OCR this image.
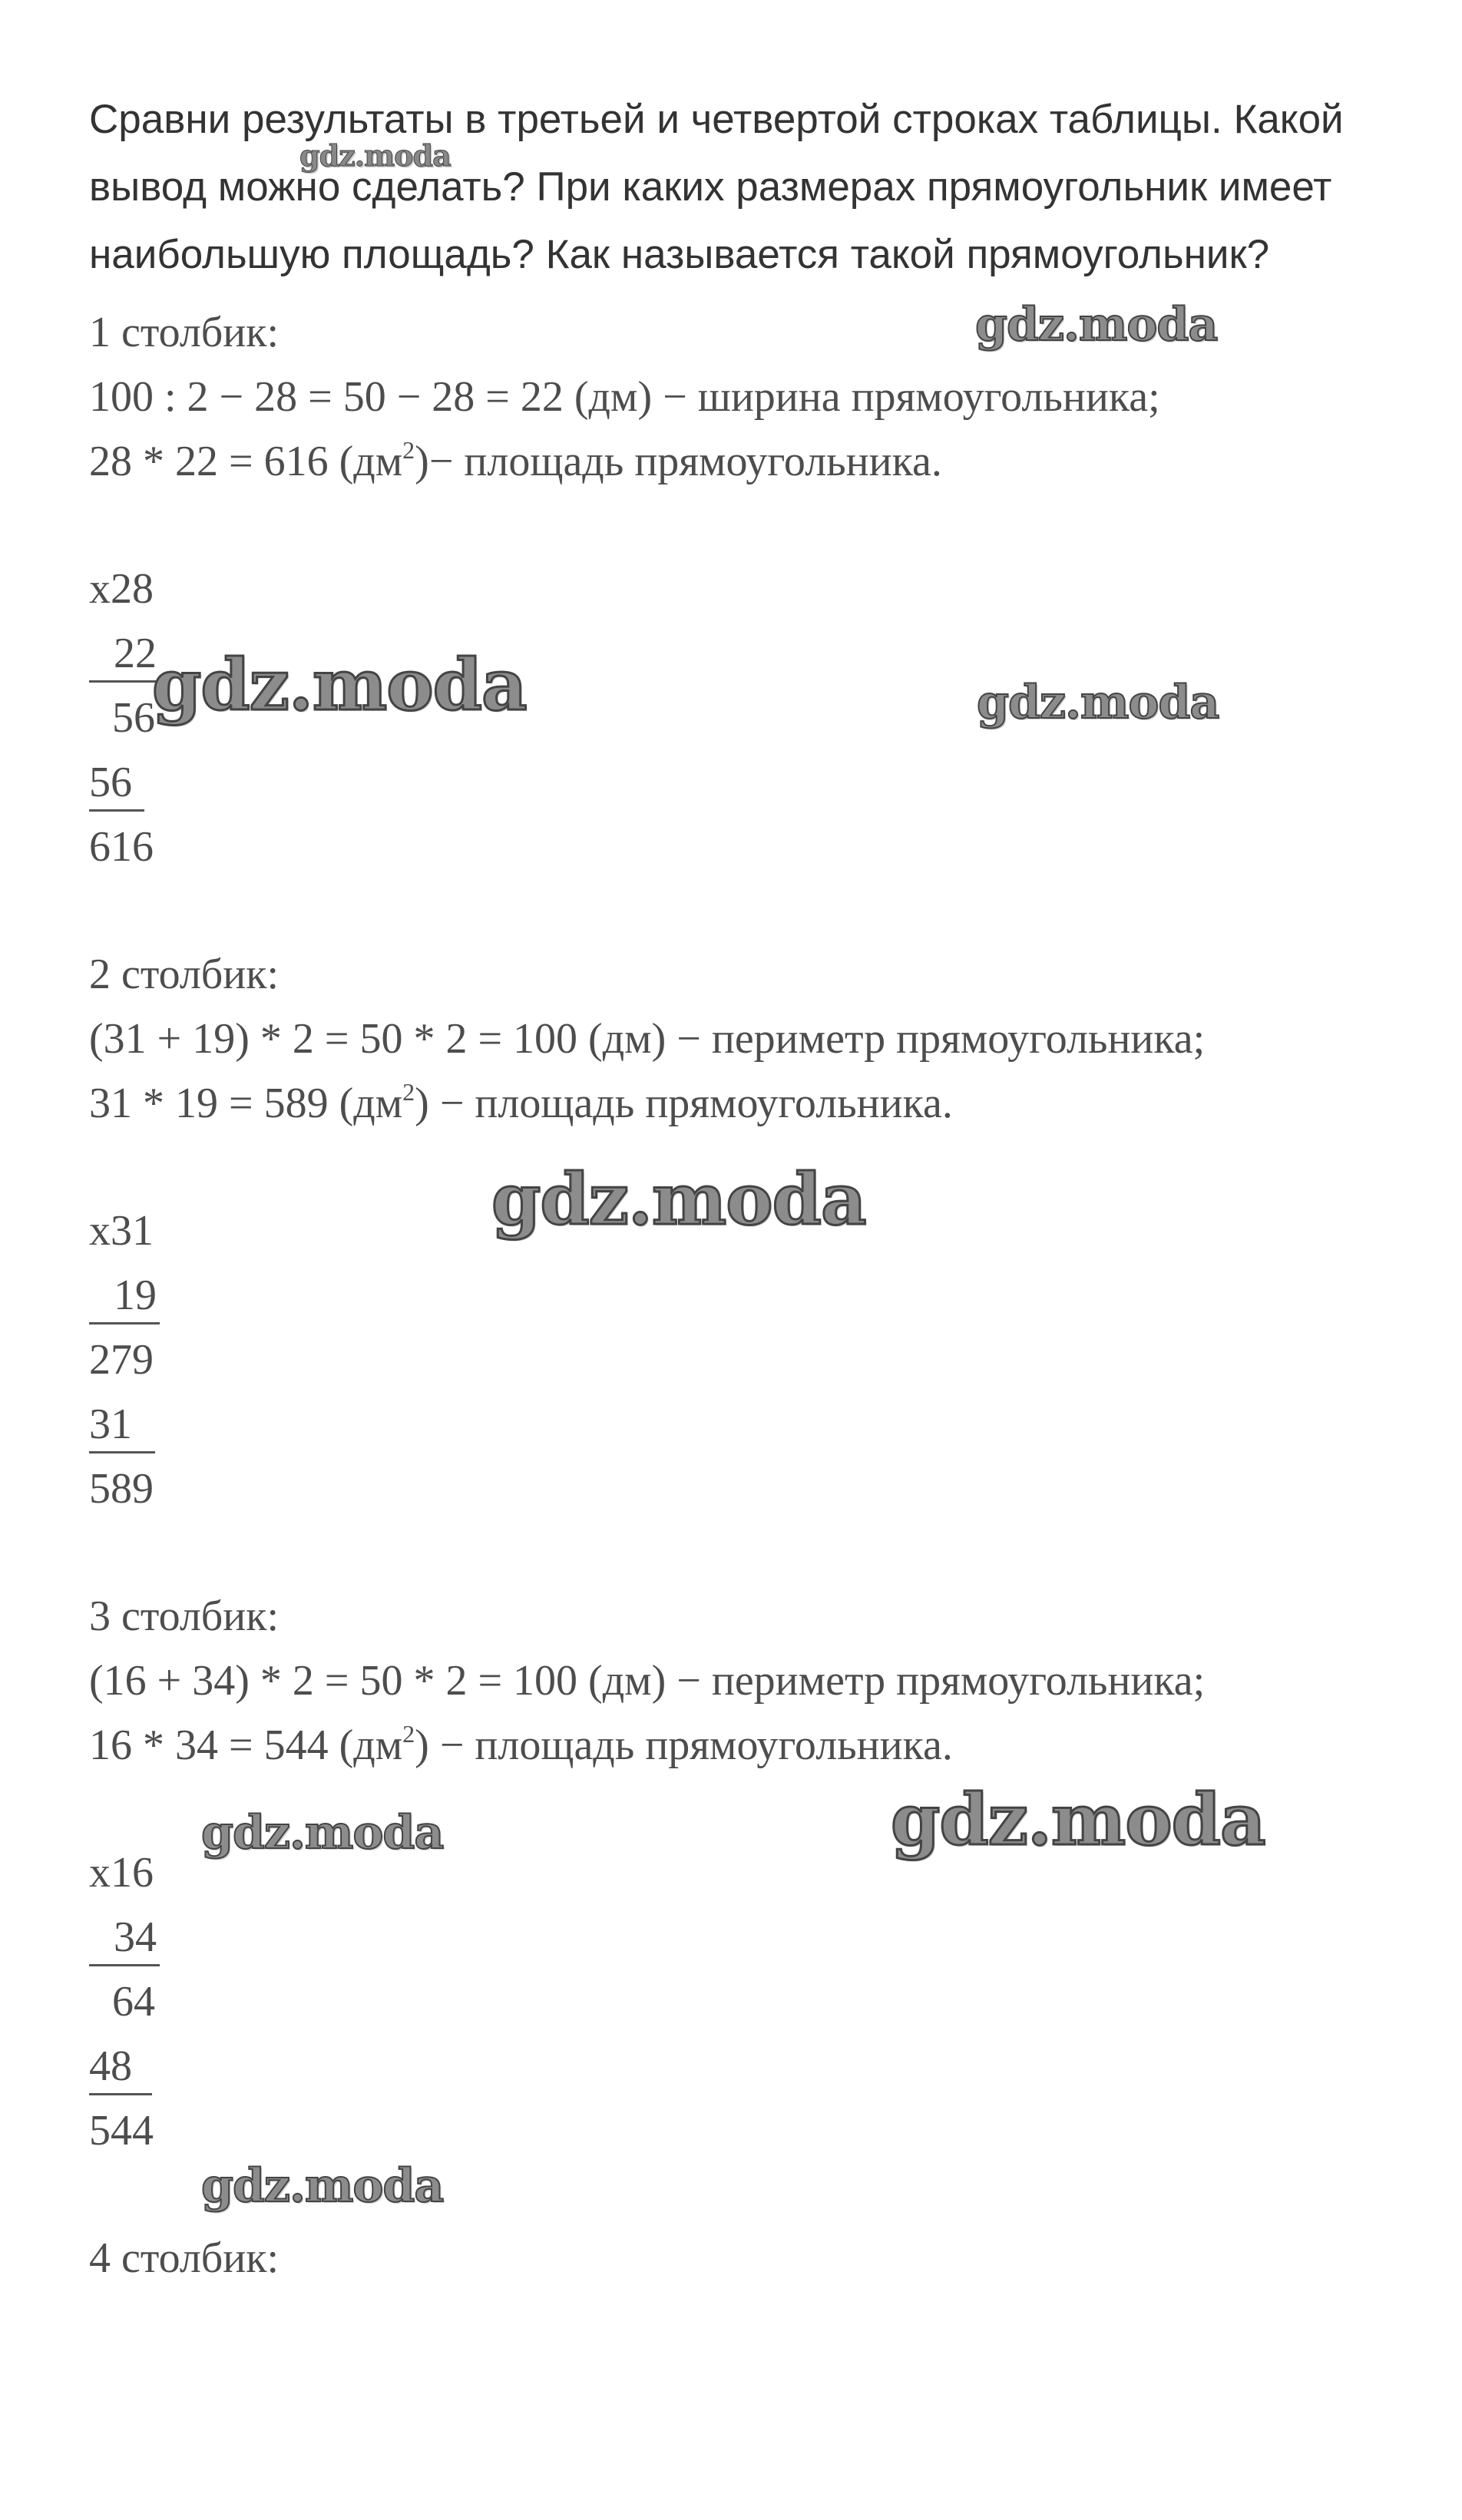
Сравни результаты в третьей и четвертой строках таблицы. Какой
вывод можно сделать? При каких размерах прямоугольник имеет
наибольшую площадь? Как называется такой прямоугольник?
1 столбик:
100 : 2 − 28 = 50 − 28 = 22 (дм) − ширина прямоугольника;
28 * 22 = 616 $(дм^2)-$ площадь прямоугольника.
x28
22
56
56
616
2 столбик:
(31 + 19) * 2 = 50 * 2 = 100 (дм) − периметр прямоугольника;
31 * 19 = 589 $(дм^2)$ − площадь прямоугольника.
x31
19
279
31
589
3 столбик:
(16 + 34) * 2 = 50 * 2 = 100 (дм) − периметр прямоугольника;
16 * 34 = 544 $(дм^2)$ − площадь прямоугольника.
x16
34
64
48
544
4 столбик:
gdz.moda
gdz.moda
gdz.moda	gdz.moda
gdz.moda
gdz.moda	gdz.moda
gdz.moda
